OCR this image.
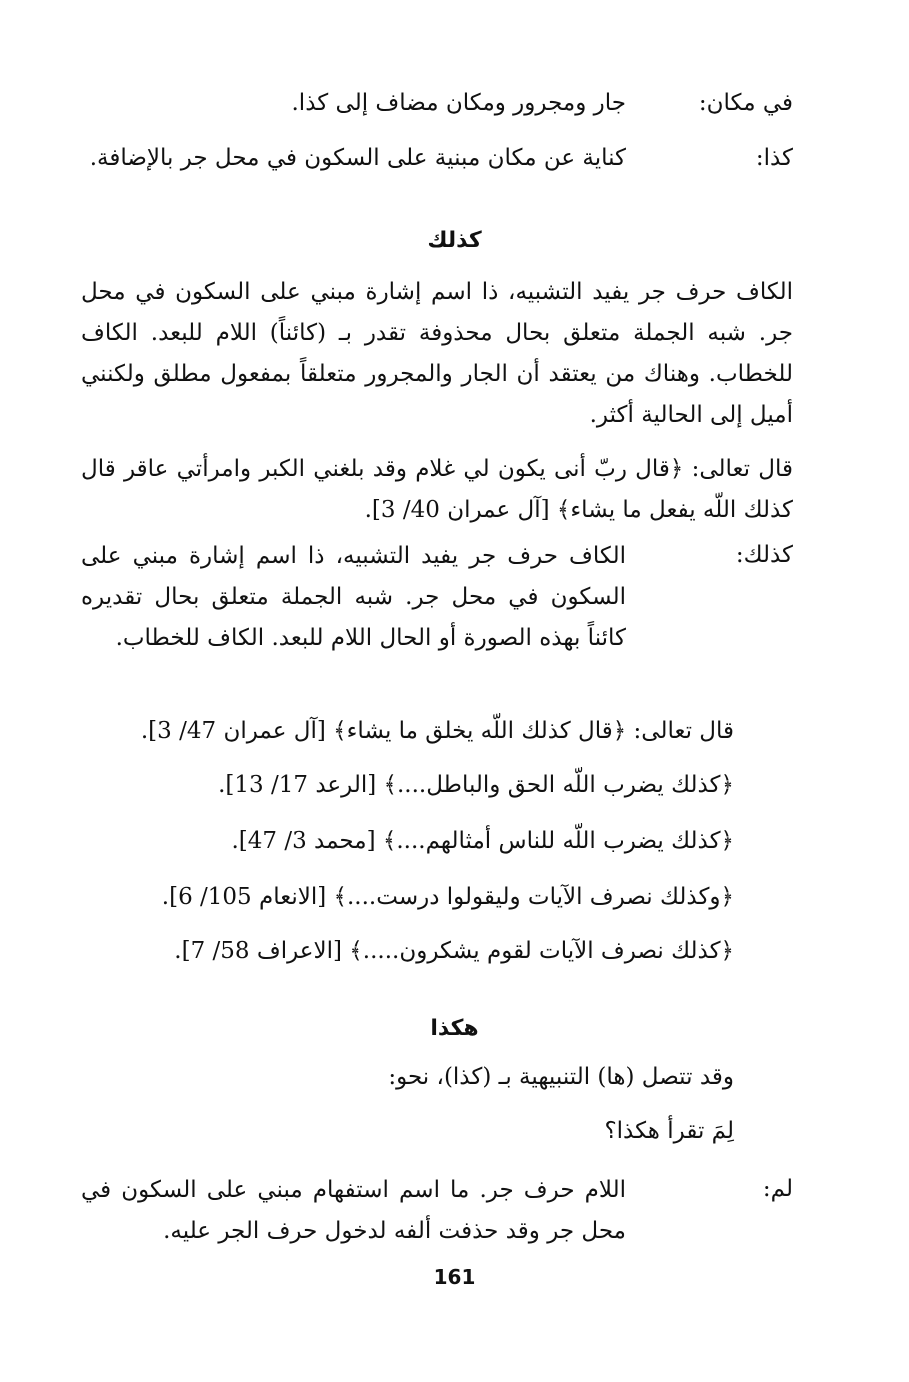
في مكان:
جار ومجرور ومكان مضاف إلى كذا.
كذا:
كناية عن مكان مبنية على السكون في محل جر بالإضافة.
كذلك
الكاف حرف جر يفيد التشبيه، ذا اسم إشارة مبني على السكون في محل جر. شبه الجملة متعلق بحال محذوفة تقدر بـ (كائناً) اللام للبعد. الكاف للخطاب. وهناك من يعتقد أن الجار والمجرور متعلقاً بمفعول مطلق ولكنني أميل إلى الحالية أكثر.
قال تعالى: ﴿قال ربّ أنى يكون لي غلام وقد بلغني الكبر وامرأتي عاقر قال كذلك اللّه يفعل ما يشاء﴾ [آل عمران 40/ 3].
كذلك:
الكاف حرف جر يفيد التشبيه، ذا اسم إشارة مبني على السكون في محل جر. شبه الجملة متعلق بحال تقديره كائناً بهذه الصورة أو الحال اللام للبعد. الكاف للخطاب.
قال تعالى: ﴿قال كذلك اللّه يخلق ما يشاء﴾ [آل عمران 47/ 3].
﴿كذلك يضرب اللّه الحق والباطل....﴾ [الرعد 17/ 13].
﴿كذلك يضرب اللّه للناس أمثالهم....﴾ [محمد 3/ 47].
﴿وكذلك نصرف الآيات وليقولوا درست....﴾ [الانعام 105/ 6].
﴿كذلك نصرف الآيات لقوم يشكرون.....﴾ [الاعراف 58/ 7].
هكذا
وقد تتصل (ها) التنبيهية بـ (كذا)، نحو:
لِمَ تقرأ هكذا؟
لم:
اللام حرف جر. ما اسم استفهام مبني على السكون في محل جر وقد حذفت ألفه لدخول حرف الجر عليه.
161
